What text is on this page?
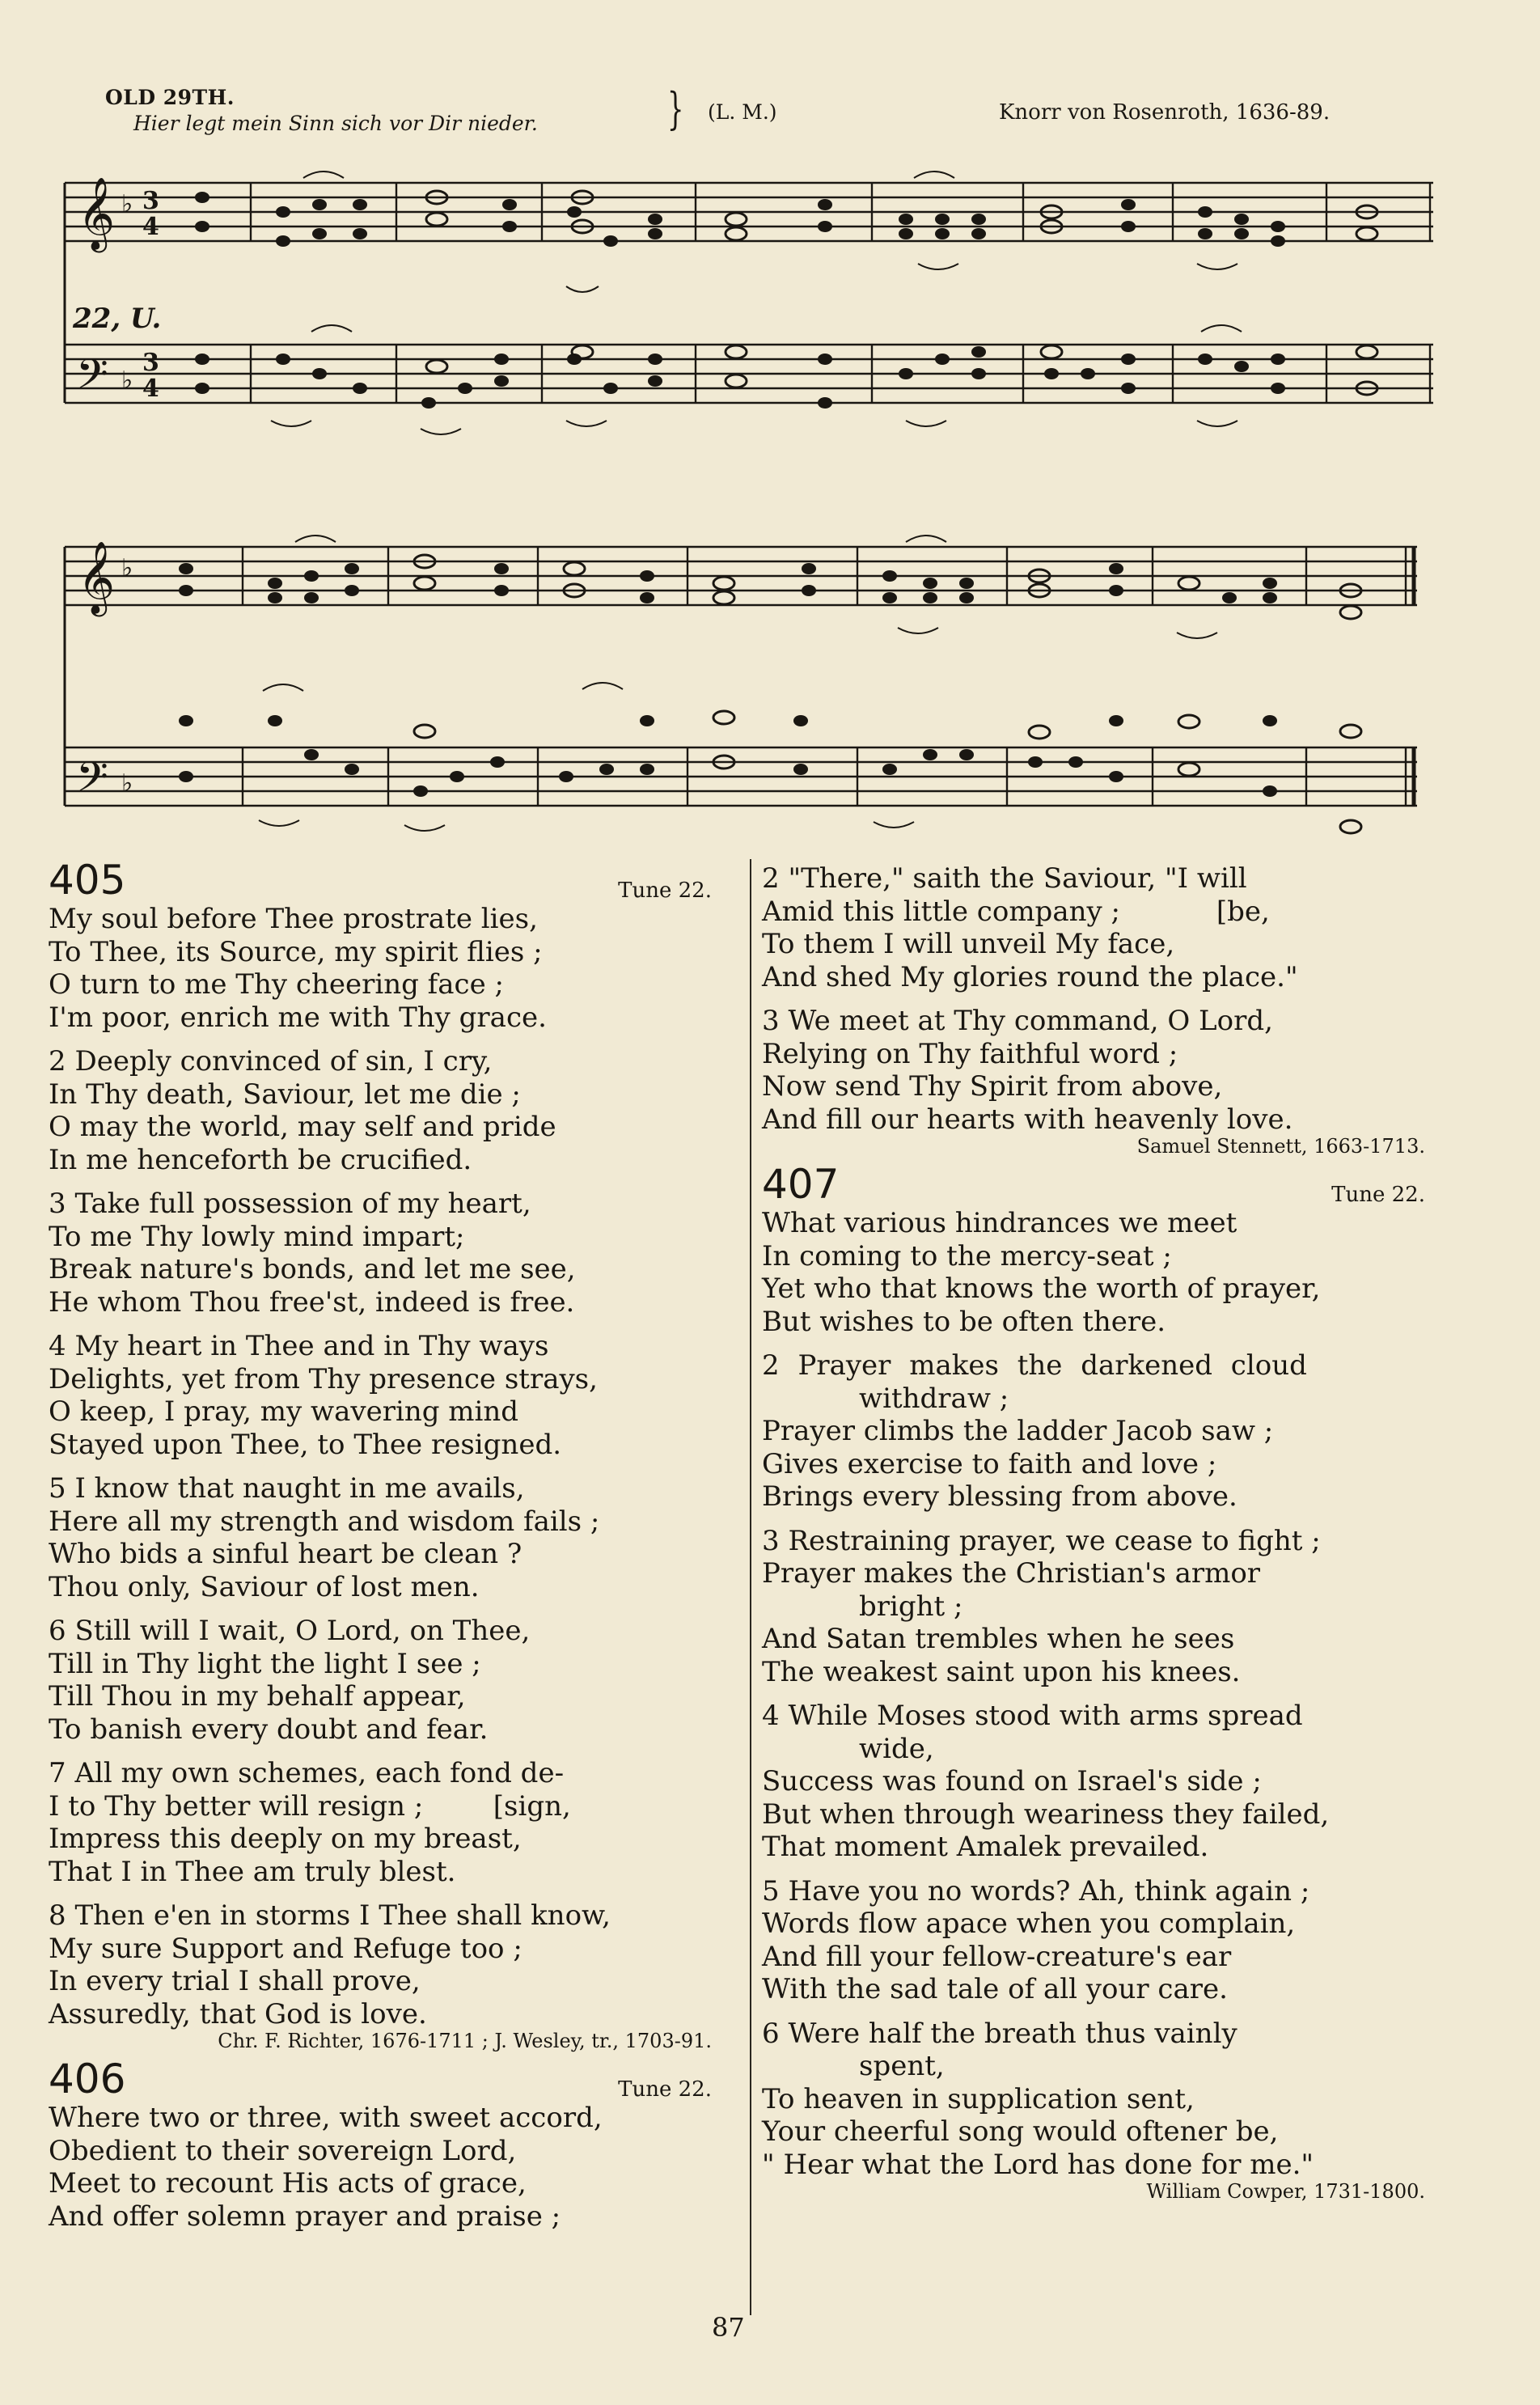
OLD 29TH.
Hier legt mein Sinn sich vor Dir nieder.	} (L. M.)	Knorr von Rosenroth, 1636-89.
𝄞 3
4
♭
22, U.
𝄢 3
4
♭
𝄞 ♭
𝄢 ♭
405	Tune 22.
My soul before Thee prostrate lies,
To Thee, its Source, my spirit flies ;
O turn to me Thy cheering face ;
I'm poor, enrich me with Thy grace.
2 Deeply convinced of sin, I cry,
In Thy death, Saviour, let me die ;
O may the world, may self and pride
In me henceforth be crucified.
3 Take full possession of my heart,
To me Thy lowly mind impart;
Break nature's bonds, and let me see,
He whom Thou free'st, indeed is free.
4 My heart in Thee and in Thy ways
Delights, yet from Thy presence strays,
O keep, I pray, my wavering mind
Stayed upon Thee, to Thee resigned.
5 I know that naught in me avails,
Here all my strength and wisdom fails ;
Who bids a sinful heart be clean ?
Thou only, Saviour of lost men.
6 Still will I wait, O Lord, on Thee,
Till in Thy light the light I see ;
Till Thou in my behalf appear,
To banish every doubt and fear.
7 All my own schemes, each fond de-
I to Thy better will resign ;        [sign,
Impress this deeply on my breast,
That I in Thee am truly blest.
8 Then e'en in storms I Thee shall know,
My sure Support and Refuge too ;
In every trial I shall prove,
Assuredly, that God is love.
Chr. F. Richter, 1676-1711 ; J. Wesley, tr., 1703-91.
406	Tune 22.
Where two or three, with sweet accord,
Obedient to their sovereign Lord,
Meet to recount His acts of grace,
And offer solemn prayer and praise ;
2 "There," saith the Saviour, "I will
Amid this little company ;           [be,
To them I will unveil My face,
And shed My glories round the place."
3 We meet at Thy command, O Lord,
Relying on Thy faithful word ;
Now send Thy Spirit from above,
And fill our hearts with heavenly love.
Samuel Stennett, 1663-1713.
407	Tune 22.
What various hindrances we meet
In coming to the mercy-seat ;
Yet who that knows the worth of prayer,
But wishes to be often there.
2 Prayer makes the darkened cloud
withdraw ;
Prayer climbs the ladder Jacob saw ;
Gives exercise to faith and love ;
Brings every blessing from above.
3 Restraining prayer, we cease to fight ;
Prayer makes the Christian's armor
bright ;
And Satan trembles when he sees
The weakest saint upon his knees.
4 While Moses stood with arms spread
wide,
Success was found on Israel's side ;
But when through weariness they failed,
That moment Amalek prevailed.
5 Have you no words? Ah, think again ;
Words flow apace when you complain,
And fill your fellow-creature's ear
With the sad tale of all your care.
6 Were half the breath thus vainly
spent,
To heaven in supplication sent,
Your cheerful song would oftener be,
" Hear what the Lord has done for me."
William Cowper, 1731-1800.
87
